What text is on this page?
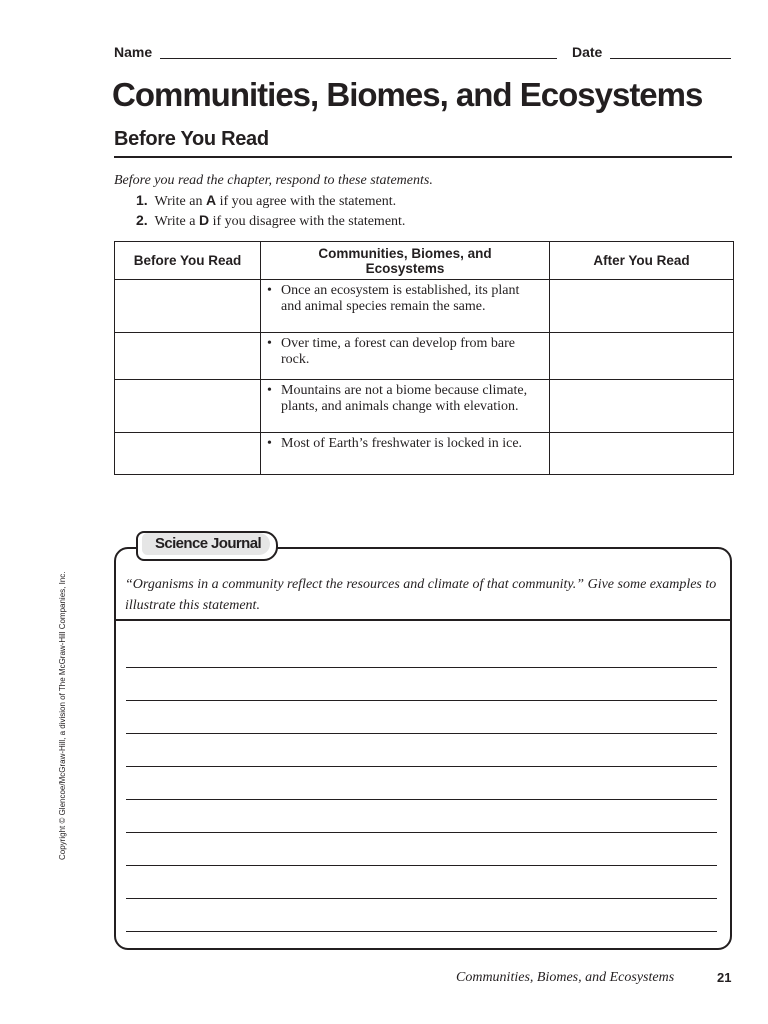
Name	Date
Communities, Biomes, and Ecosystems
Before You Read
Before you read the chapter, respond to these statements.
1. Write an A if you agree with the statement.
2. Write a D if you disagree with the statement.
Before You Read	Communities, Biomes, and Ecosystems	After You Read

	• Once an ecosystem is established, its plant and animal species remain the same.	

	• Over time, a forest can develop from bare rock.	

	• Mountains are not a biome because climate, plants, and animals change with elevation.	

	• Most of Earth’s freshwater is locked in ice.	

Copyright © Glencoe/McGraw-Hill, a division of The McGraw-Hill Companies, Inc.
Science Journal
“Organisms in a community reflect the resources and climate of that community.” Give some examples to illustrate this statement.
Communities, Biomes, and Ecosystems	21
